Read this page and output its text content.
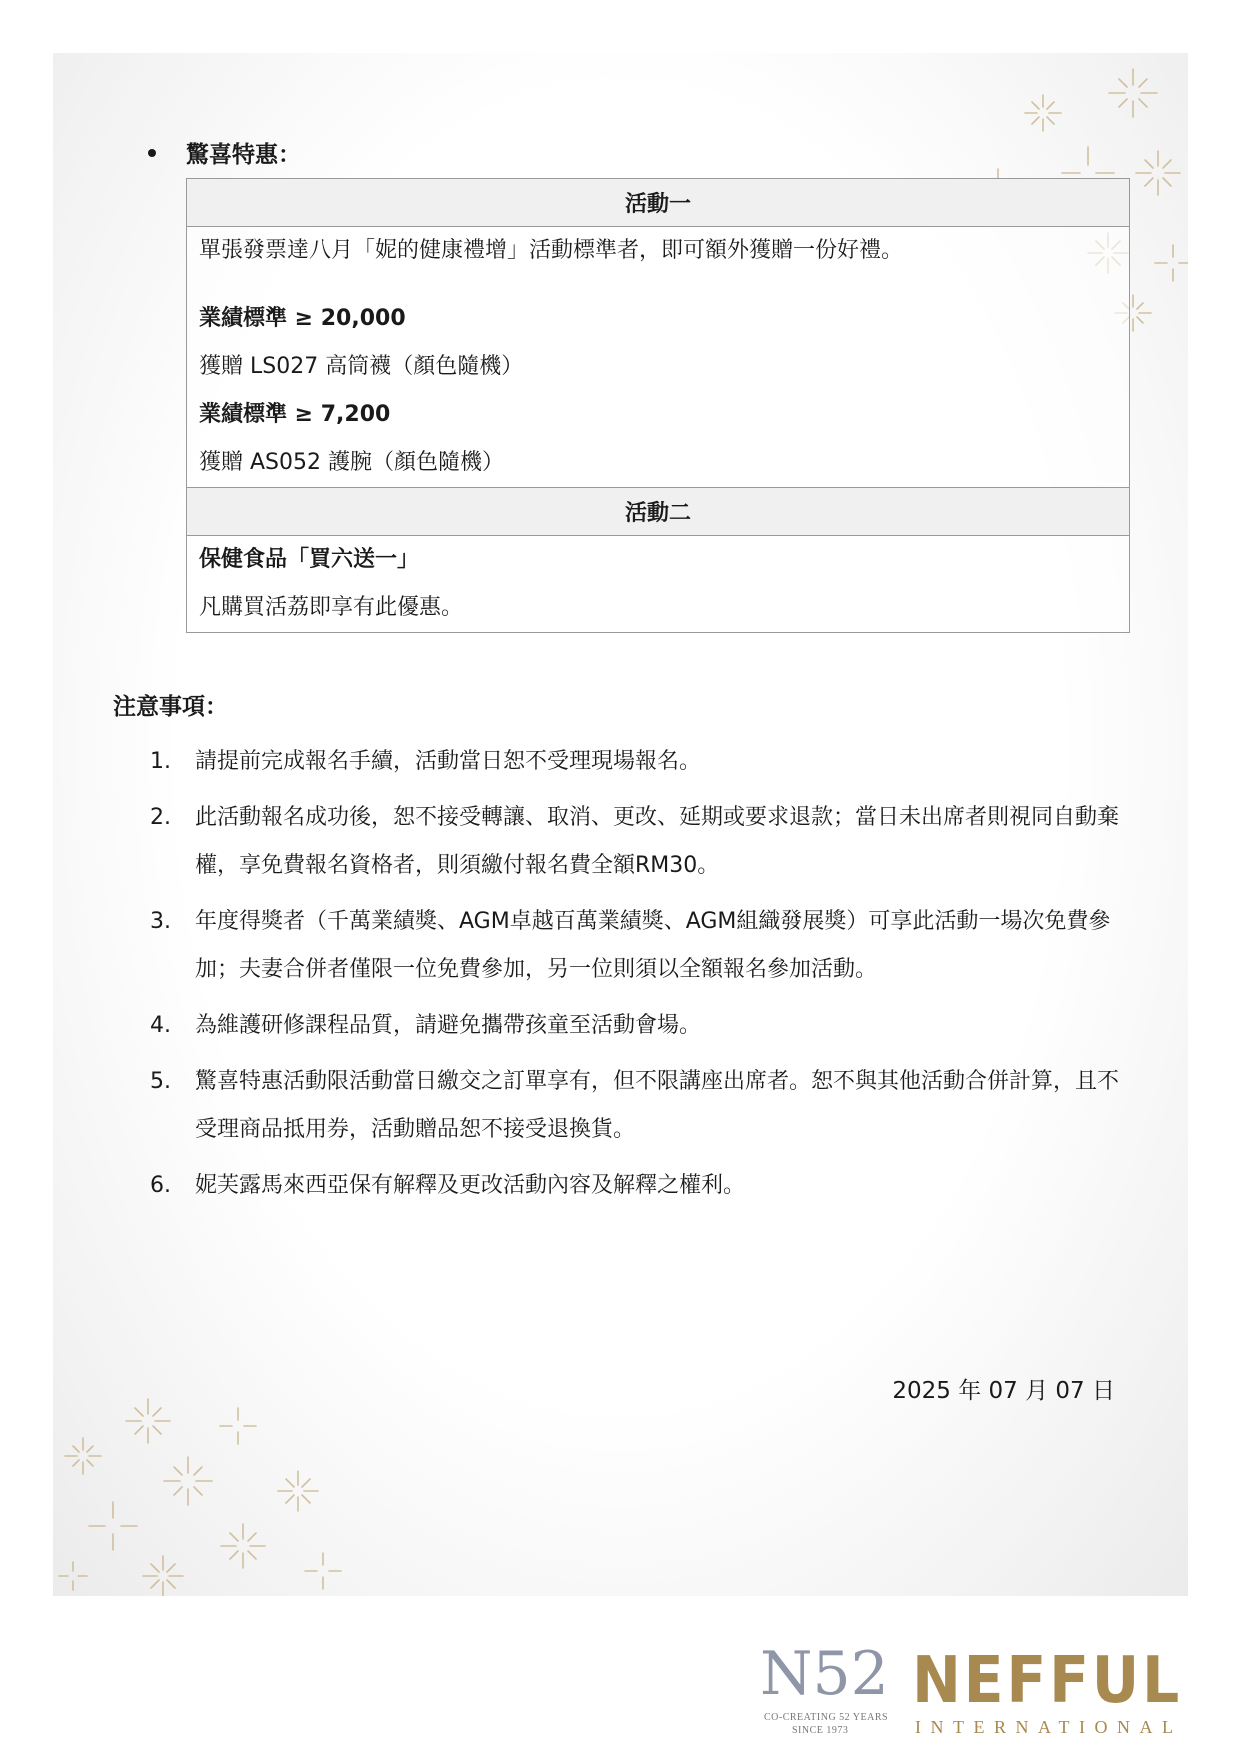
驚喜特惠：
活動一

單張發票達八月「妮的健康禮增」活動標準者，即可額外獲贈一份好禮。
業績標準 ≥ 20,000
獲贈 LS027 高筒襪（顏色隨機）
業績標準 ≥ 7,200
獲贈 AS052 護腕（顏色隨機）

活動二

保健食品「買六送一」
凡購買活荔即享有此優惠。
注意事項：
1.	請提前完成報名手續，活動當日恕不受理現場報名。
2.	此活動報名成功後，恕不接受轉讓、取消、更改、延期或要求退款；當日未出席者則視同自動棄權，享免費報名資格者，則須繳付報名費全額RM30。
3.	年度得獎者（千萬業績獎、AGM卓越百萬業績獎、AGM組織發展獎）可享此活動一場次免費參加；夫妻合併者僅限一位免費參加，另一位則須以全額報名參加活動。
4.	為維護研修課程品質，請避免攜帶孩童至活動會場。
5.	驚喜特惠活動限活動當日繳交之訂單享有，但不限講座出席者。恕不與其他活動合併計算，且不受理商品抵用券，活動贈品恕不接受退換貨。
6.	妮芙露馬來西亞保有解釋及更改活動內容及解釋之權利。
2025 年 07 月 07 日
N52
CO-CREATING 52 YEARS
SINCE 1973
NEFFUL
INTERNATIONAL
